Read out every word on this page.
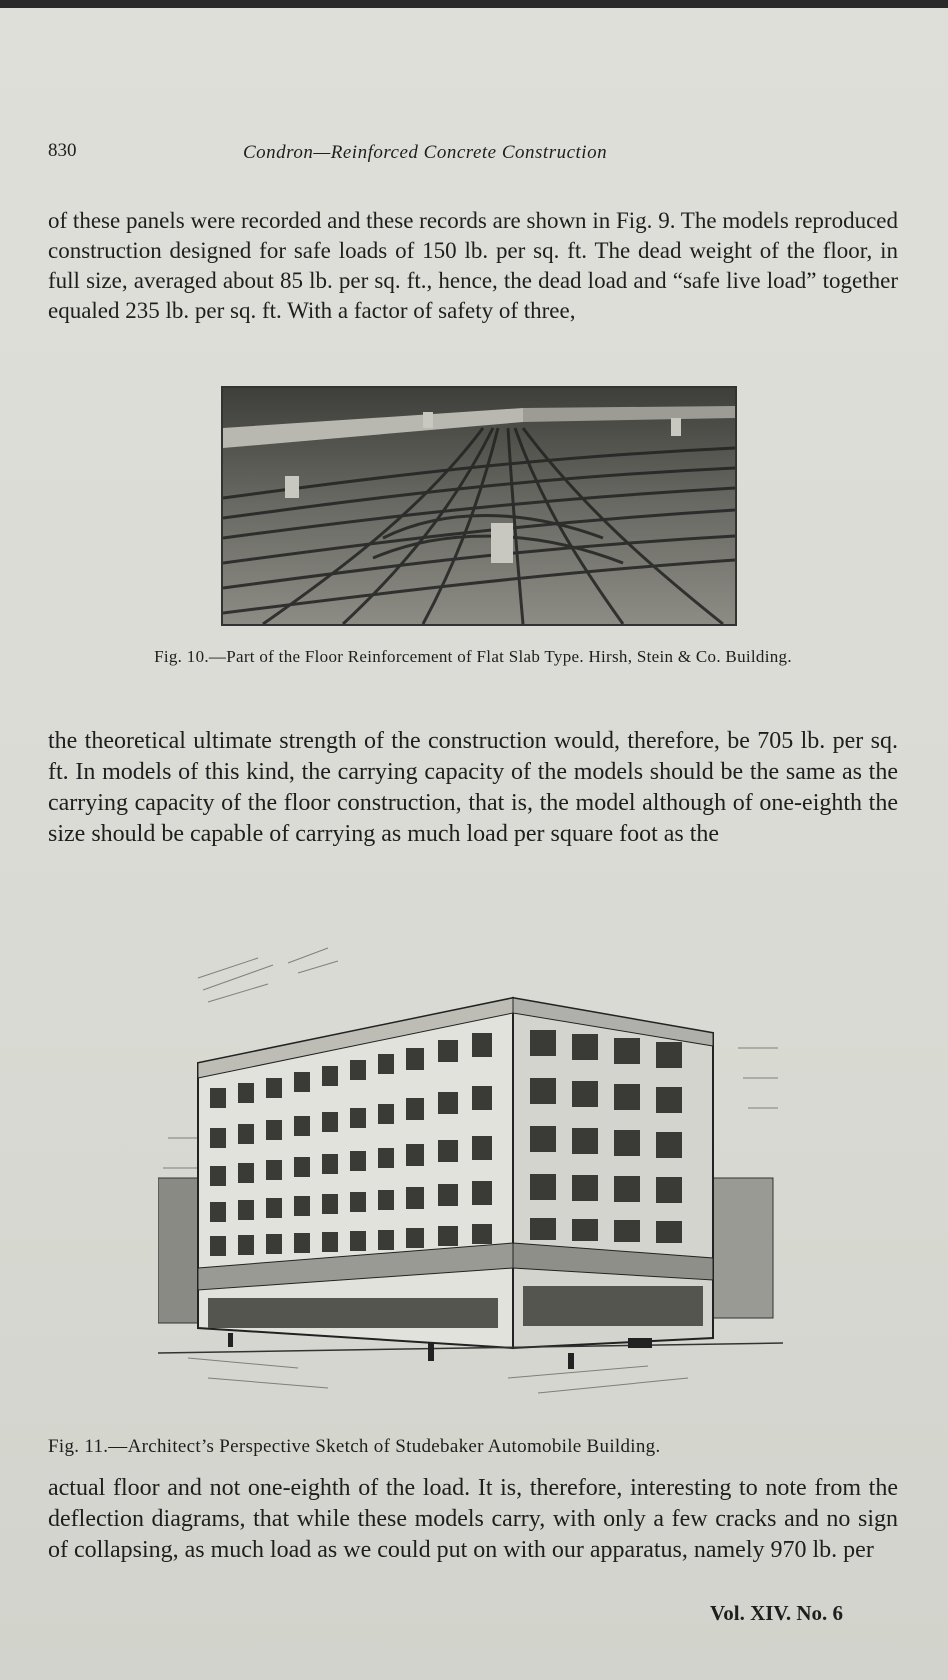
830	Condron—Reinforced Concrete Construction

of these panels were recorded and these records are shown in Fig. 9. The models reproduced construction designed for safe loads of 150 lb. per sq. ft. The dead weight of the floor, in full size, averaged about 85 lb. per sq. ft., hence, the dead load and “safe live load” together equaled 235 lb. per sq. ft. With a factor of safety of three,

Fig. 10.—Part of the Floor Reinforcement of Flat Slab Type. Hirsh, Stein & Co. Building.

the theoretical ultimate strength of the construction would, therefore, be 705 lb. per sq. ft. In models of this kind, the carrying capacity of the models should be the same as the carrying capacity of the floor construction, that is, the model although of one-eighth the size should be capable of carrying as much load per square foot as the

Fig. 11.—Architect’s Perspective Sketch of Studebaker Automobile Building.

actual floor and not one-eighth of the load. It is, therefore, interesting to note from the deflection diagrams, that while these models carry, with only a few cracks and no sign of collapsing, as much load as we could put on with our apparatus, namely 970 lb. per

Vol. XIV. No. 6
